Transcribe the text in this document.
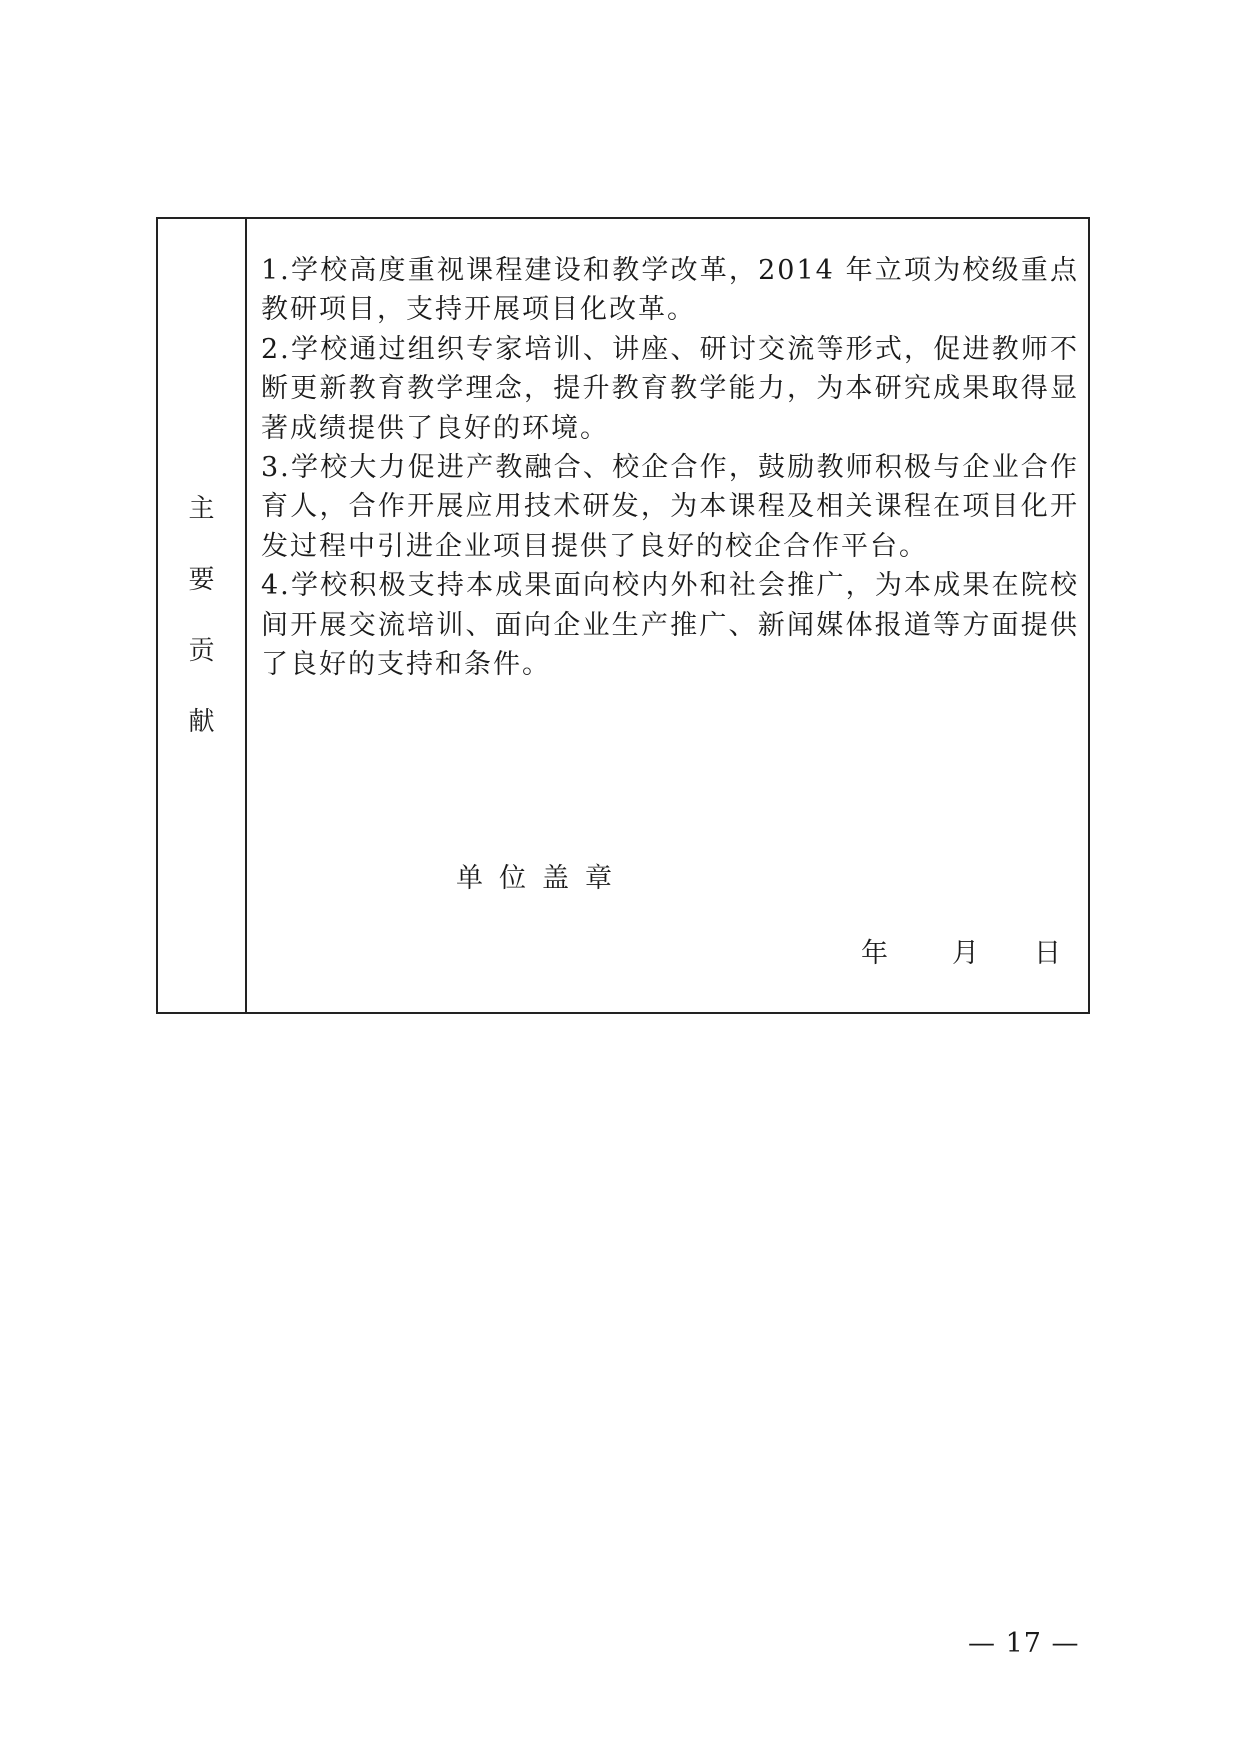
主
要
贡
献

1.学校高度重视课程建设和教学改革，2014 年立项为校级重点教研项目，支持开展项目化改革。

2.学校通过组织专家培训、讲座、研讨交流等形式，促进教师不断更新教育教学理念，提升教育教学能力，为本研究成果取得显著成绩提供了良好的环境。

3.学校大力促进产教融合、校企合作，鼓励教师积极与企业合作育人，合作开展应用技术研发，为本课程及相关课程在项目化开发过程中引进企业项目提供了良好的校企合作平台。

4.学校积极支持本成果面向校内外和社会推广，为本成果在院校间开展交流培训、面向企业生产推广、新闻媒体报道等方面提供了良好的支持和条件。

单位盖章
年 月 日
— 17 —
